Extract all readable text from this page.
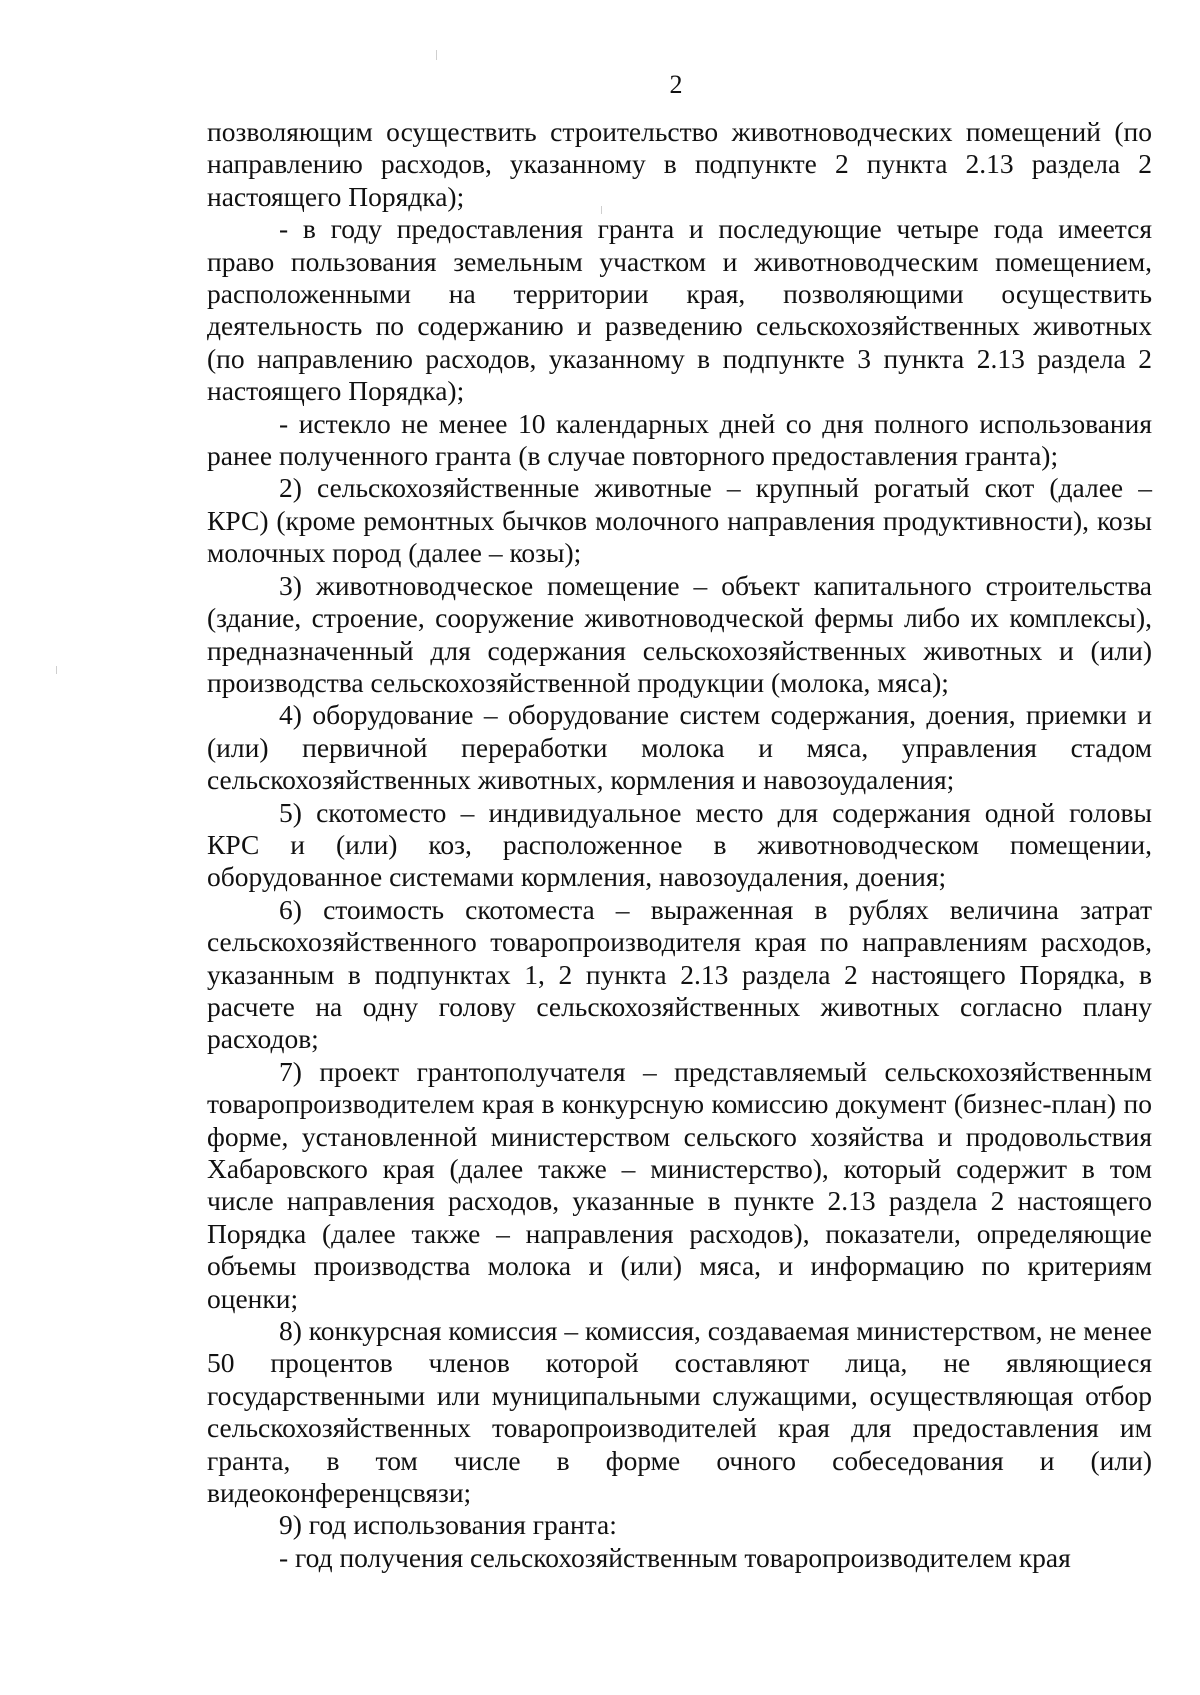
2

позволяющим осуществить строительство животноводческих помещений (по направлению расходов, указанному в подпункте 2 пункта 2.13 раздела 2 настоящего Порядка);

- в году предоставления гранта и последующие четыре года имеется право пользования земельным участком и животноводческим помещением, расположенными на территории края, позволяющими осуществить деятельность по содержанию и разведению сельскохозяйственных животных (по направлению расходов, указанному в подпункте 3 пункта 2.13 раздела 2 настоящего Порядка);

- истекло не менее 10 календарных дней со дня полного использования ранее полученного гранта (в случае повторного предоставления гранта);

2) сельскохозяйственные животные – крупный рогатый скот (далее – КРС) (кроме ремонтных бычков молочного направления продуктивности), козы молочных пород (далее – козы);

3) животноводческое помещение – объект капитального строительства (здание, строение, сооружение животноводческой фермы либо их комплексы), предназначенный для содержания сельскохозяйственных животных и (или) производства сельскохозяйственной продукции (молока, мяса);

4) оборудование – оборудование систем содержания, доения, приемки и (или) первичной переработки молока и мяса, управления стадом сельскохозяйственных животных, кормления и навозоудаления;

5) скотоместо – индивидуальное место для содержания одной головы КРС и (или) коз, расположенное в животноводческом помещении, оборудованное системами кормления, навозоудаления, доения;

6) стоимость скотоместа – выраженная в рублях величина затрат сельскохозяйственного товаропроизводителя края по направлениям расходов, указанным в подпунктах 1, 2 пункта 2.13 раздела 2 настоящего Порядка, в расчете на одну голову сельскохозяйственных животных согласно плану расходов;

7) проект грантополучателя – представляемый сельскохозяйственным товаропроизводителем края в конкурсную комиссию документ (бизнес-план) по форме, установленной министерством сельского хозяйства и продовольствия Хабаровского края (далее также – министерство), который содержит в том числе направления расходов, указанные в пункте 2.13 раздела 2 настоящего Порядка (далее также – направления расходов), показатели, определяющие объемы производства молока и (или) мяса, и информацию по критериям оценки;

8) конкурсная комиссия – комиссия, создаваемая министерством, не менее 50 процентов членов которой составляют лица, не являющиеся государственными или муниципальными служащими, осуществляющая отбор сельскохозяйственных товаропроизводителей края для предоставления им гранта, в том числе в форме очного собеседования и (или) видеоконференцсвязи;

9) год использования гранта:

- год получения сельскохозяйственным товаропроизводителем края
